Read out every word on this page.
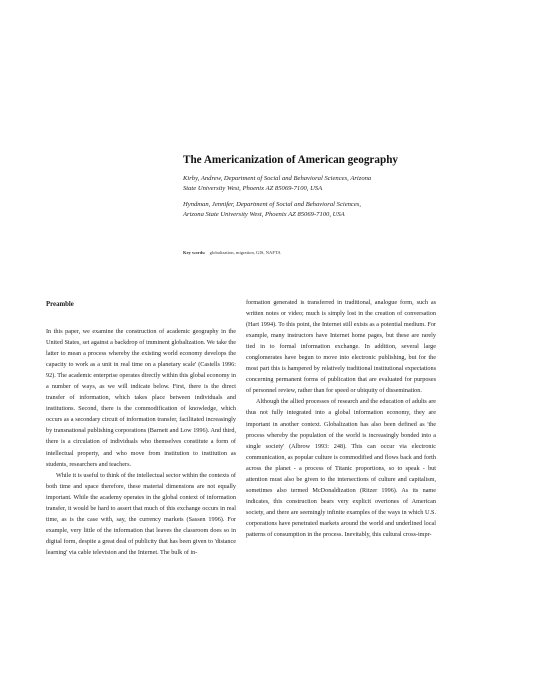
The Americanization of American geography
Kirby, Andrew, Department of Social and Behavioral Sciences, Arizona
State University West, Phoenix AZ 85069-7100, USA
Hyndman, Jennifer, Department of Social and Behavioral Sciences,
Arizona State University West, Phoenix AZ 85069-7100, USA
Key words: globalization, migration, GIS, NAFTA
Preamble

In this paper, we examine the construction of academic geography in the United States, set against a backdrop of imminent globalization. We take the latter to mean a process whereby the existing world economy develops the capacity to work as a unit in real time on a planetary scale' (Castells 1996: 92). The academic enterprise operates directly within this global economy in a number of ways, as we will indicate below. First, there is the direct transfer of information, which takes place between individuals and institutions. Second, there is the commodification of knowledge, which occurs as a secondary circuit of information transfer, facilitated increasingly by transnational publishing corporations (Barnett and Low 1996). And third, there is a circulation of individuals who themselves constitute a form of intellectual property, and who move from institution to institution as students, researchers and teachers.

While it is useful to think of the intellectual sector within the contexts of both time and space therefore, these material dimensions are not equally important. While the academy operates in the global context of information transfer, it would be hard to assert that much of this exchange occurs in real time, as is the case with, say, the currency markets (Sassen 1996). For example, very little of the information that leaves the classroom does so in digital form, despite a great deal of publicity that has been given to 'distance learning' via cable television and the Internet. The bulk of in-

formation generated is transferred in traditional, analogue form, such as written notes or video; much is simply lost in the creation of conversation (Hart 1994). To this point, the Internet still exists as a potential medium. For example, many instructors have Internet home pages, but these are rarely tied in to formal information exchange. In addition, several large conglomerates have begun to move into electronic publishing, but for the most part this is hampered by relatively traditional institutional expectations concerning permanent forms of publication that are evaluated for purposes of personnel review, rather than for speed or ubiquity of dissemination.

Although the allied processes of research and the education of adults are thus not fully integrated into a global information economy, they are important in another context. Globalization has also been defined as 'the process whereby the population of the world is increasingly bonded into a single society' (Albrow 1993: 248). This can occur via electronic communication, as popular culture is commodified and flows back and forth across the planet - a process of Titanic proportions, so to speak - but attention must also be given to the intersections of culture and capitalism, sometimes also termed McDonaldization (Ritzer 1996). As its name indicates, this construction bears very explicit overtones of American society, and there are seemingly infinite examples of the ways in which U.S. corporations have penetrated markets around the world and underlined local patterns of consumption in the process. Inevitably, this cultural cross-impr-
